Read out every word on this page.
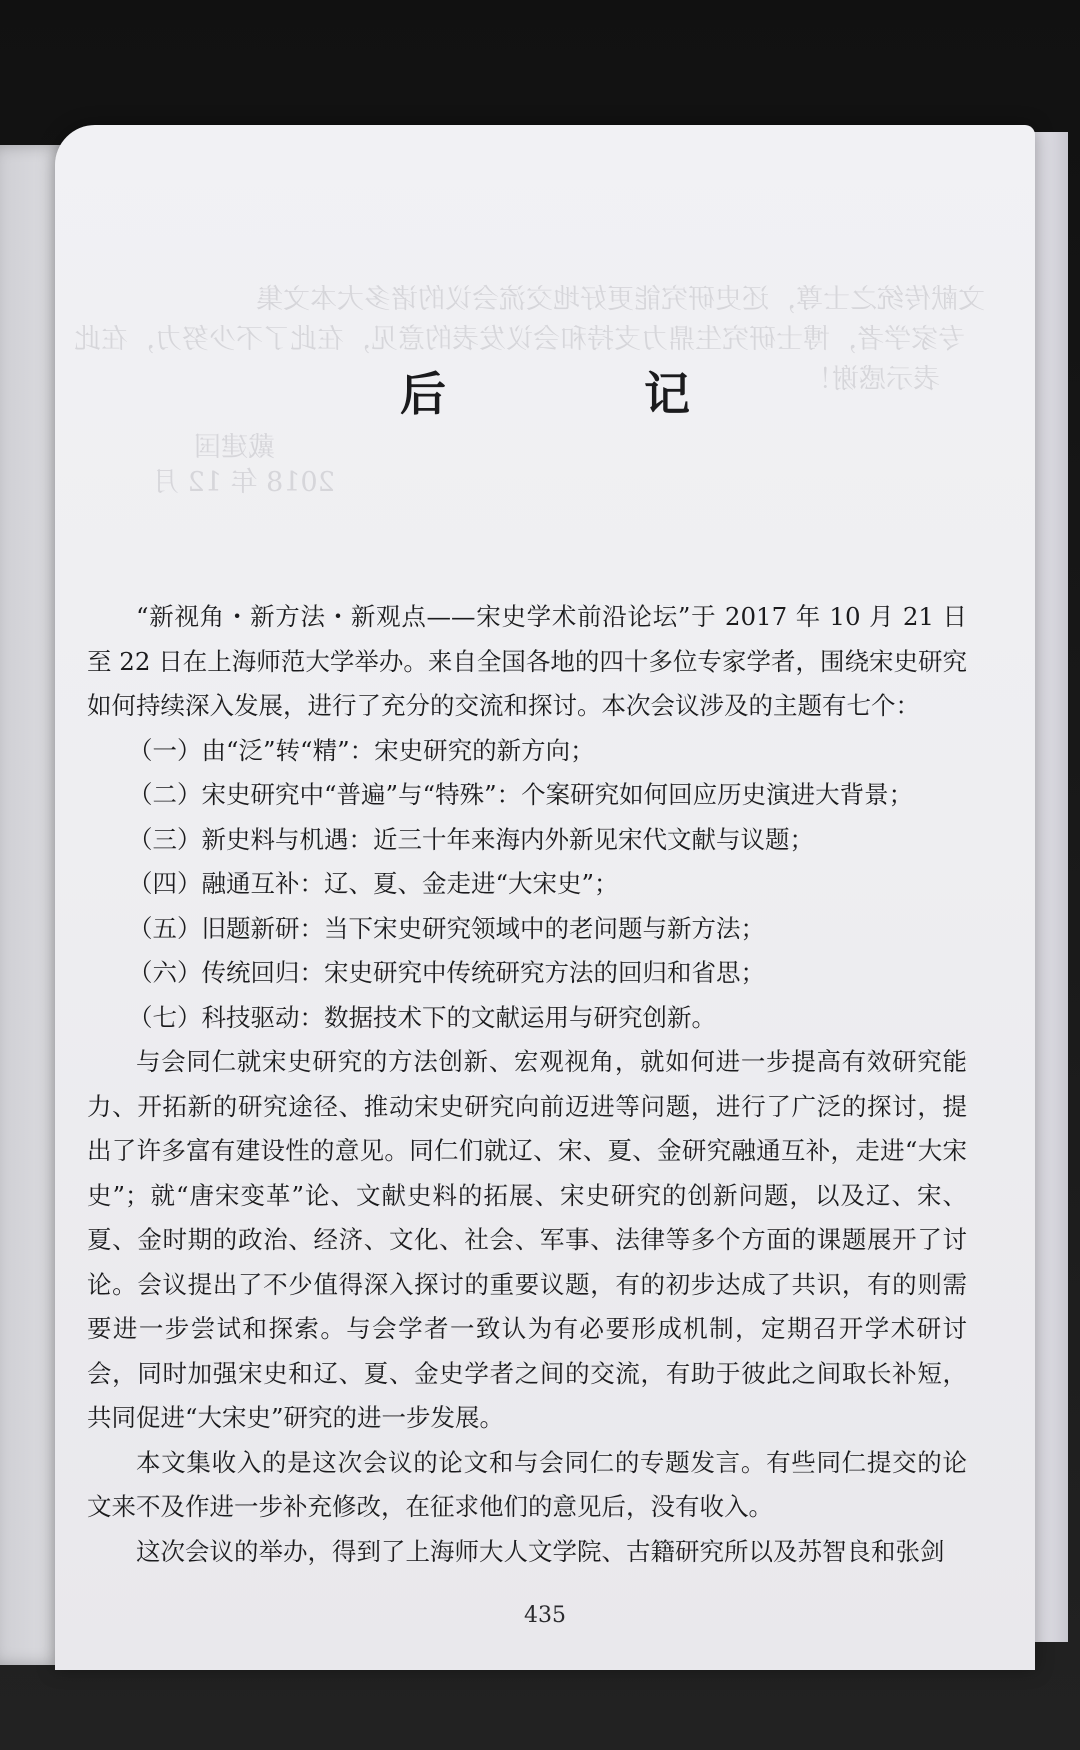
文献传统之士尊，还史研究能更好地交流会议的诸多大本文集
专家学者，博士研究生鼎力支持和会议发表的意见，在此了不少努力，在此
表示感谢！
戴建国
2018 年 12 月
后　记

“新视角・新方法・新观点——宋史学术前沿论坛”于 2017 年 10 月 21 日至 22 日在上海师范大学举办。来自全国各地的四十多位专家学者，围绕宋史研究如何持续深入发展，进行了充分的交流和探讨。本次会议涉及的主题有七个：

（一）由“泛”转“精”：宋史研究的新方向；

（二）宋史研究中“普遍”与“特殊”：个案研究如何回应历史演进大背景；

（三）新史料与机遇：近三十年来海内外新见宋代文献与议题；

（四）融通互补：辽、夏、金走进“大宋史”；

（五）旧题新研：当下宋史研究领域中的老问题与新方法；

（六）传统回归：宋史研究中传统研究方法的回归和省思；

（七）科技驱动：数据技术下的文献运用与研究创新。

与会同仁就宋史研究的方法创新、宏观视角，就如何进一步提高有效研究能力、开拓新的研究途径、推动宋史研究向前迈进等问题，进行了广泛的探讨，提出了许多富有建设性的意见。同仁们就辽、宋、夏、金研究融通互补，走进“大宋史”；就“唐宋变革”论、文献史料的拓展、宋史研究的创新问题，以及辽、宋、夏、金时期的政治、经济、文化、社会、军事、法律等多个方面的课题展开了讨论。会议提出了不少值得深入探讨的重要议题，有的初步达成了共识，有的则需要进一步尝试和探索。与会学者一致认为有必要形成机制，定期召开学术研讨会，同时加强宋史和辽、夏、金史学者之间的交流，有助于彼此之间取长补短，共同促进“大宋史”研究的进一步发展。

本文集收入的是这次会议的论文和与会同仁的专题发言。有些同仁提交的论文来不及作进一步补充修改，在征求他们的意见后，没有收入。

这次会议的举办，得到了上海师大人文学院、古籍研究所以及苏智良和张剑

435
